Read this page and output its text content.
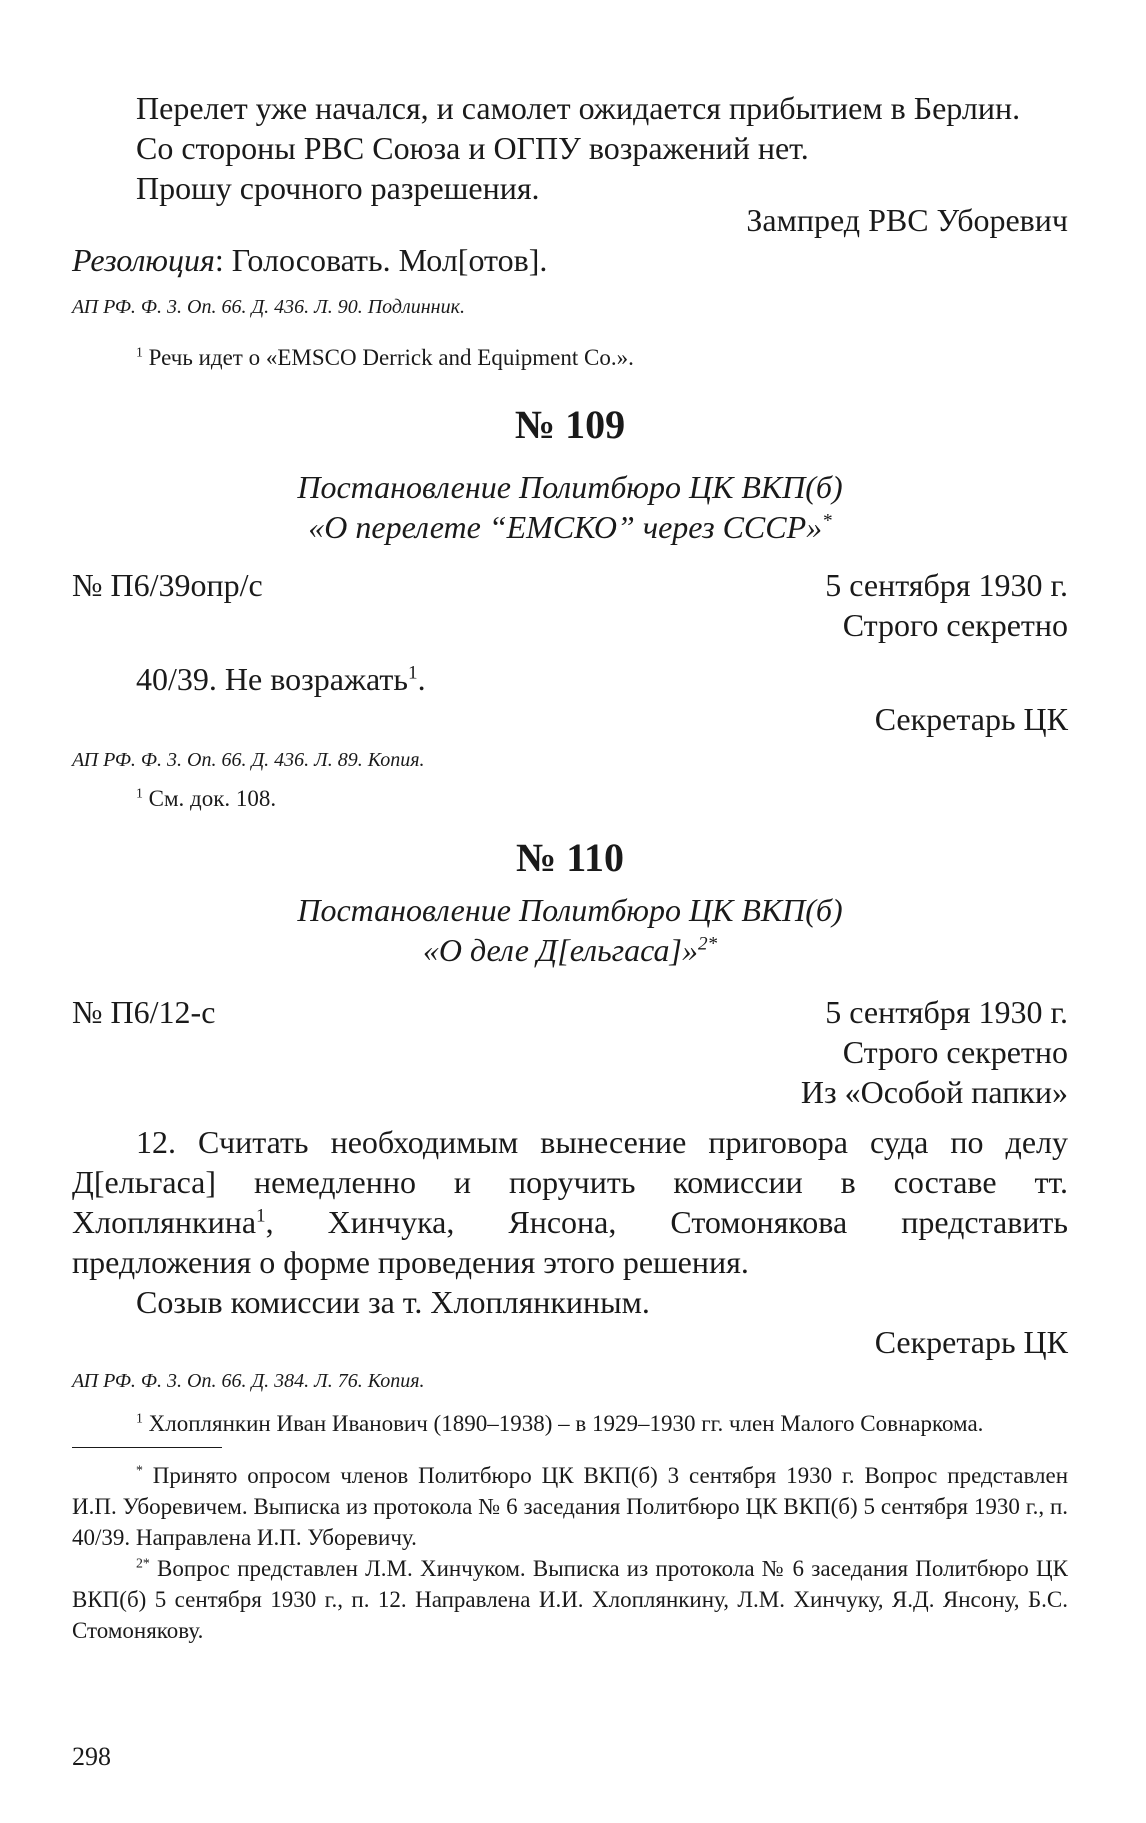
Перелет уже начался, и самолет ожидается прибытием в Берлин.

Со стороны РВС Союза и ОГПУ возражений нет.

Прошу срочного разрешения.

Зампред РВС Уборевич

Резолюция: Голосовать. Мол[отов].

АП РФ. Ф. 3. Оп. 66. Д. 436. Л. 90. Подлинник.

$^1$ Речь идет о «EMSCO Derrick and Equipment Co.».

№ 109

Постановление Политбюро ЦК ВКП(б)

«О перелете “ЕМСКО” через СССР»*

№ П6/39опр/с	5 сентября 1930 г.

Строго секретно

40/39. Не возражать$^1$.

Секретарь ЦК

АП РФ. Ф. 3. Оп. 66. Д. 436. Л. 89. Копия.

$^1$ См. док. 108.

№ 110

Постановление Политбюро ЦК ВКП(б)

«О деле Д[ельгаса]»$^{2*}$

№ П6/12-с	5 сентября 1930 г.

Строго секретно

Из «Особой папки»

12. Считать необходимым вынесение приговора суда по делу Д[ельгаса] немедленно и поручить комиссии в составе тт. Хлоплянкина$^1$, Хинчука, Янсона, Стомонякова представить предложения о форме проведения этого решения.

Созыв комиссии за т. Хлоплянкиным.

Секретарь ЦК

АП РФ. Ф. 3. Оп. 66. Д. 384. Л. 76. Копия.

$^1$ Хлоплянкин Иван Иванович (1890–1938) – в 1929–1930 гг. член Малого Совнаркома.

* Принято опросом членов Политбюро ЦК ВКП(б) 3 сентября 1930 г. Вопрос представлен И.П. Уборевичем. Выписка из протокола № 6 заседания Политбюро ЦК ВКП(б) 5 сентября 1930 г., п. 40/39. Направлена И.П. Уборевичу.

$^{2*}$ Вопрос представлен Л.М. Хинчуком. Выписка из протокола № 6 заседания Политбюро ЦК ВКП(б) 5 сентября 1930 г., п. 12. Направлена И.И. Хлоплянкину, Л.М. Хинчуку, Я.Д. Янсону, Б.С. Стомонякову.

298
